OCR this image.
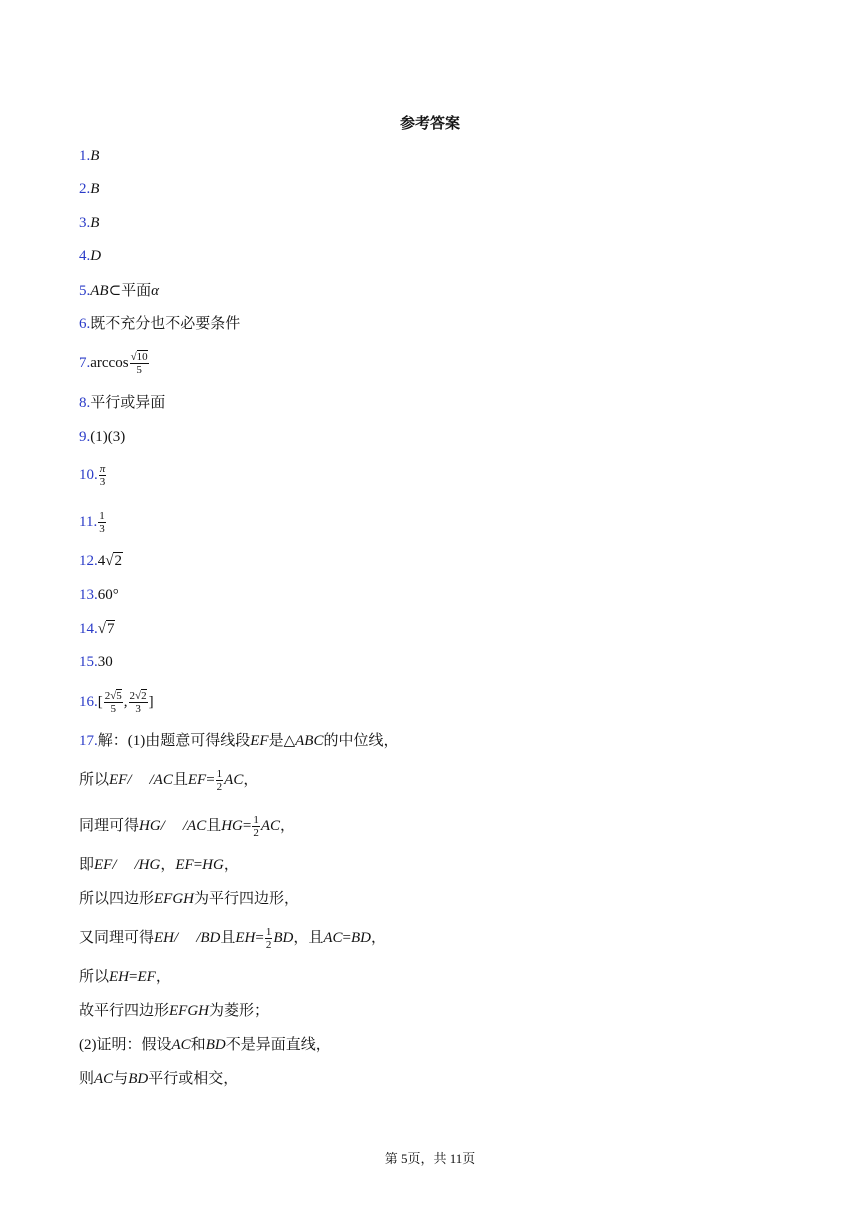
参考答案
1. B
2. B
3. B
4. D
5. AB ⊂平面 α
6. 既不充分也不必要条件
7. $\arccos \frac{√10}{5}$
8. 平行或异面
9. (1)(3)
10. $\frac{\pi}{3}$
11. $\frac{1}{3}$
12. 4 √2
13. 60°
14. √7
15. 30
16. [ $\frac{2√5}{5}$ , $\frac{2√2}{3}$ ]
17. 解：(1)由题意可得线段 EF 是△ ABC 的中位线，
所以 EF/ /AC 且 EF = $\frac{1}{2}$ AC ，
同理可得 HG/ /AC 且 HG = $\frac{1}{2}$ AC ，
即 EF/ /HG ， EF = HG ，
所以四边形 EFGH 为平行四边形，
又同理可得 EH/ /BD 且 EH = $\frac{1}{2}$ BD ，且 AC = BD ，
所以 EH = EF ，
故平行四边形 EFGH 为菱形；
(2)证明：假设 AC 和 BD 不是异面直线，
则 AC 与 BD 平行或相交，
第 5页，共 11页
